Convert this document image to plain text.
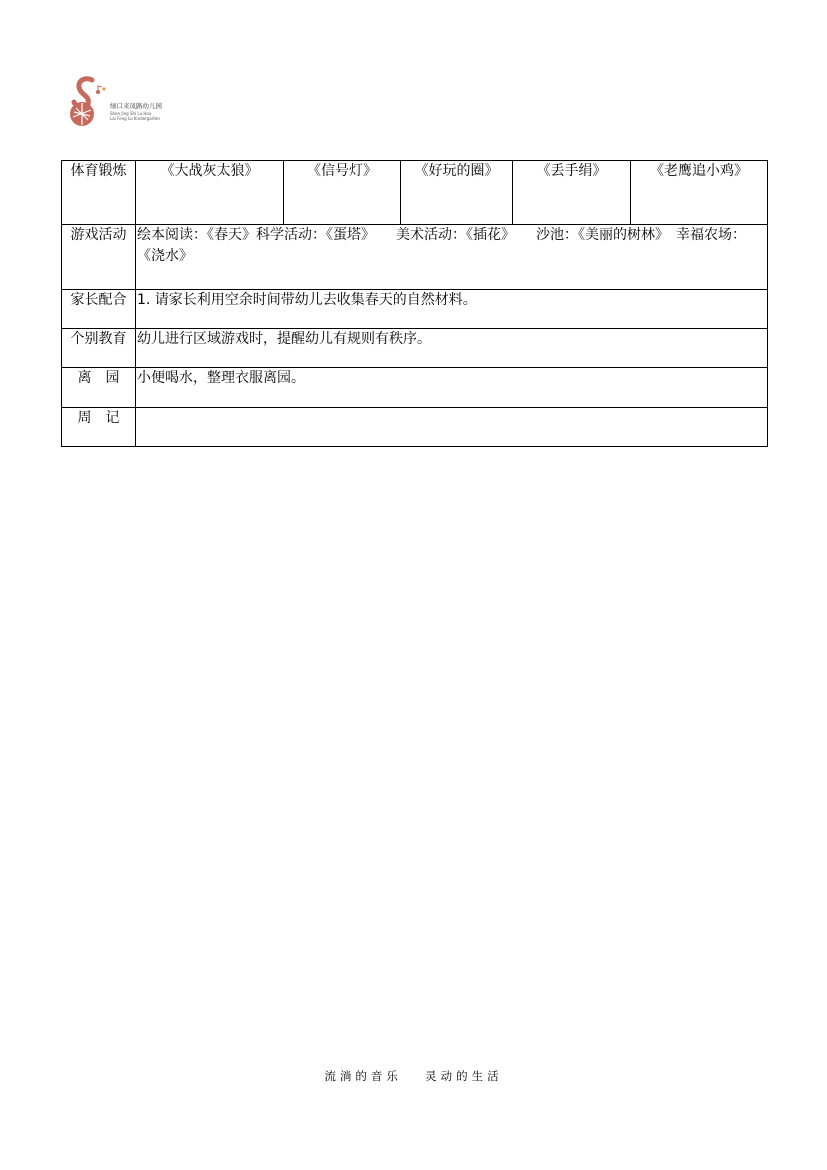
绿口来凤路幼儿园
Shen Jing Shi Lu Hou
Lai Feng Lu Kindergarten
体育锻炼	《大战灰太狼》	《信号灯》	《好玩的圈》	《丢手绢》	《老鹰追小鸡》
游戏活动	绘本阅读：《春天》科学活动：《蛋塔》　　美术活动：《插花》　　沙池：《美丽的树林》　幸福农场：《浇水》				
家长配合	1. 请家长利用空余时间带幼儿去收集春天的自然材料。				
个别教育	幼儿进行区域游戏时，提醒幼儿有规则有秩序。				
离　园	小便喝水，整理衣服离园。				
周　记					
流淌的音乐　 灵动的生活
